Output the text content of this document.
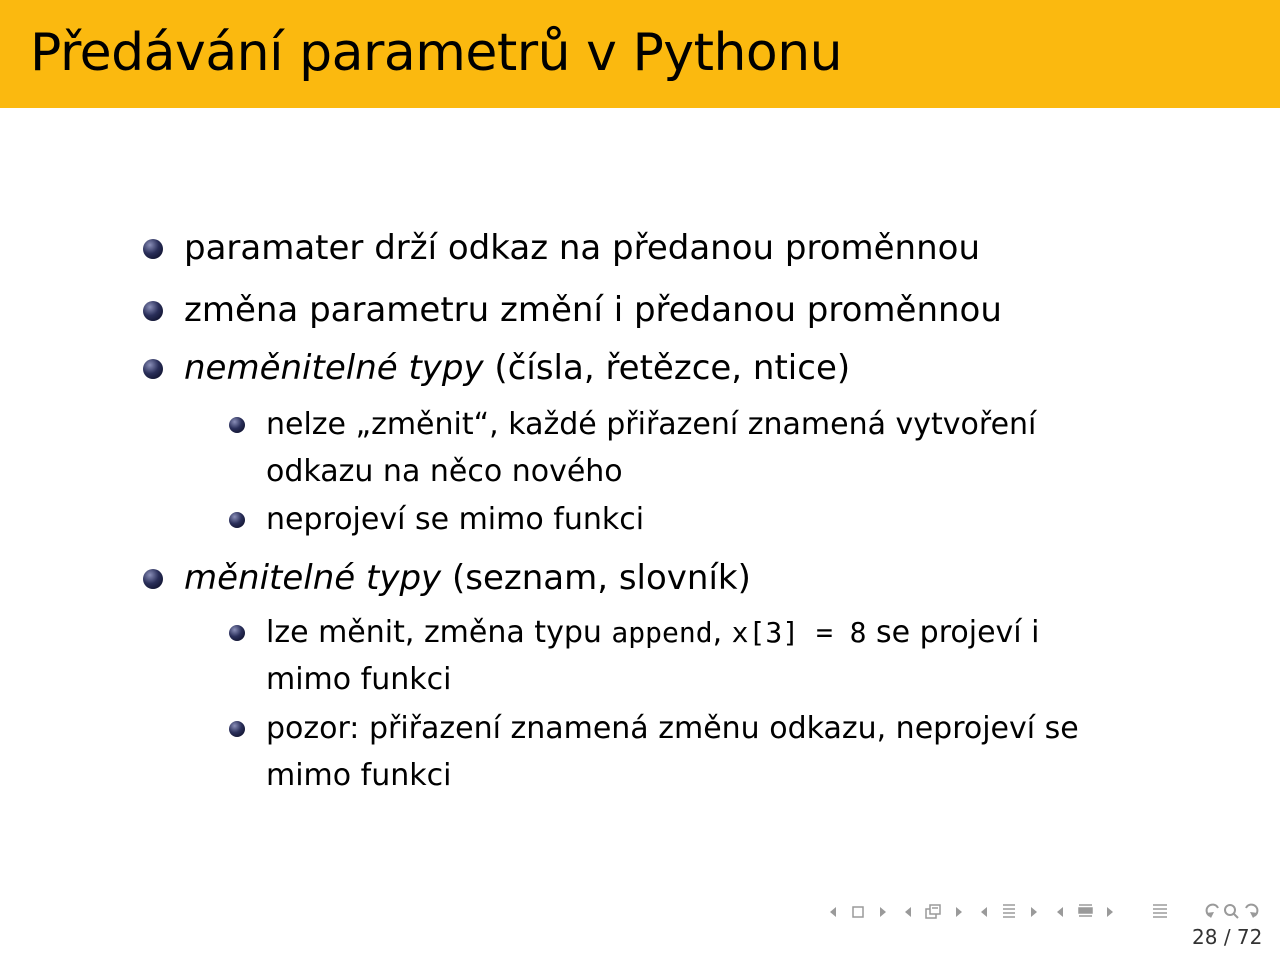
Předávání parametrů v Pythonu
paramater drží odkaz na předanou proměnnou
změna parametru změní i předanou proměnnou
neměnitelné typy (čísla, řetězce, ntice)
nelze „změnit“, každé přiřazení znamená vytvoření
odkazu na něco nového
neprojeví se mimo funkci
měnitelné typy (seznam, slovník)
lze měnit, změna typu append, x[3] = 8 se projeví i
mimo funkci
pozor: přiřazení znamená změnu odkazu, neprojeví se
mimo funkci
28 / 72
